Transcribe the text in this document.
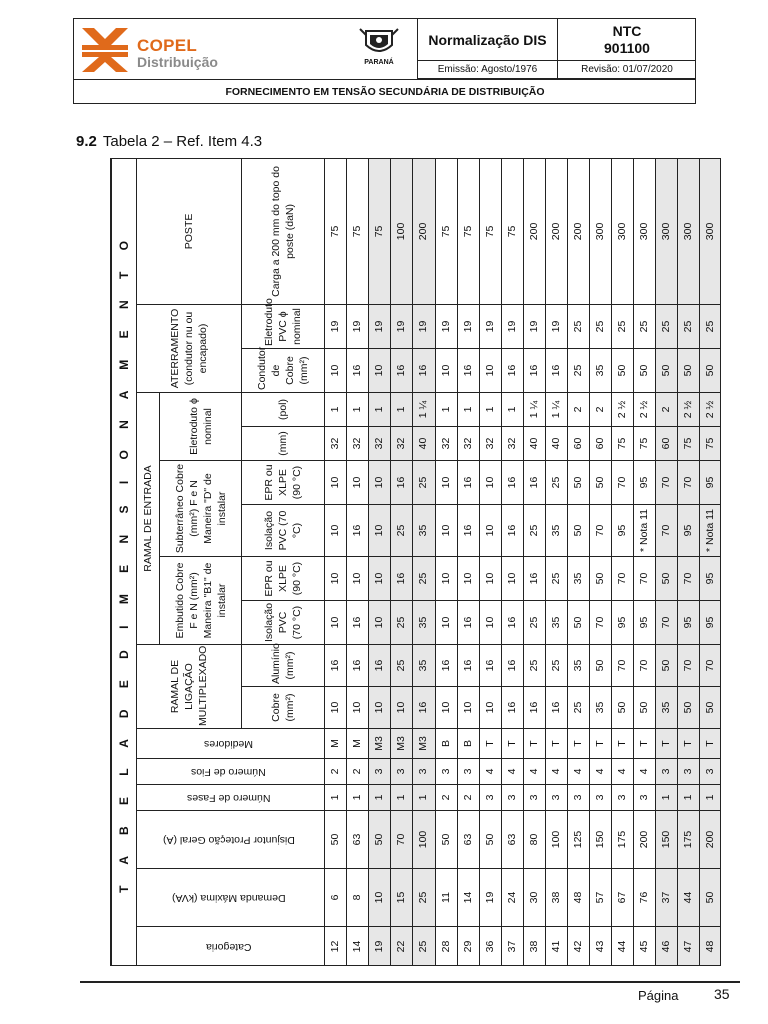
COPEL
Distribuição	PARANÁ
Normalização DIS
NTC
901100
Emissão: Agosto/1976	Revisão: 01/07/2020
FORNECIMENTO EM TENSÃO SECUNDÁRIA DE DISTRIBUIÇÃO
9.2 Tabela 2 – Ref. Item 4.3
T A B E L A D E D I M E N S I O N A M E N T O																
Categoria	Demanda Máxima (kVA)	Disjuntor Proteção Geral (A)	Número de Fases	Número de Fios	Medidores	RAMAL DE LIGAÇÃO MULTIPLEXADO		RAMAL DE ENTRADA						ATERRAMENTO (condutor nu ou encapado)		POSTE
								Embutido Cobre F e N (mm²) Maneira "B1" de instalar		Subterrâneo Cobre (mm²) F e N Maneira "D" de instalar		Eletroduto ϕ nominal				
						Cobre (mm²)	Alumínio (mm²)	Isolação PVC (70 °C)	EPR ou XLPE (90 °C)	Isolação PVC (70 °C)	EPR ou XLPE (90 °C)	(mm)	(pol)	Condutor de Cobre (mm²)	Eletroduto PVC ϕ nominal	Carga a 200 mm do topo do poste (daN)

12	6	50	1	2	M	10	16	10	10	10	10	32	1	10	19	75
14	8	63	1	2	M	10	16	16	10	16	10	32	1	16	19	75
19	10	50	1	3	M3	10	16	10	10	10	10	32	1	10	19	75
22	15	70	1	3	M3	10	25	25	16	25	16	32	1	16	19	100
25	25	100	1	3	M3	16	35	35	25	35	25	40	1 ¼	16	19	200
28	11	50	2	3	B	10	16	10	10	10	10	32	1	10	19	75
29	14	63	2	3	B	10	16	16	10	16	16	32	1	16	19	75
36	19	50	3	4	T	10	16	10	10	10	10	32	1	10	19	75
37	24	63	3	4	T	16	16	16	10	16	16	32	1	16	19	75
38	30	80	3	4	T	16	25	25	16	25	16	40	1 ¼	16	19	200
41	38	100	3	4	T	16	25	35	25	35	25	40	1 ¼	16	19	200
42	48	125	3	4	T	25	35	50	35	50	50	60	2	25	25	200
43	57	150	3	4	T	35	50	70	50	70	50	60	2	35	25	300
44	67	175	3	4	T	50	70	95	70	95	70	75	2 ½	50	25	300
45	76	200	3	4	T	50	70	95	70	* Nota 11	95	75	2 ½	50	25	300
46	37	150	1	3	T	35	50	70	50	70	70	60	2	50	25	300
47	44	175	1	3	T	50	70	95	70	95	70	75	2 ½	50	25	300
48	50	200	1	3	T	50	70	95	95	* Nota 11	95	75	2 ½	50	25	300
Página	35
